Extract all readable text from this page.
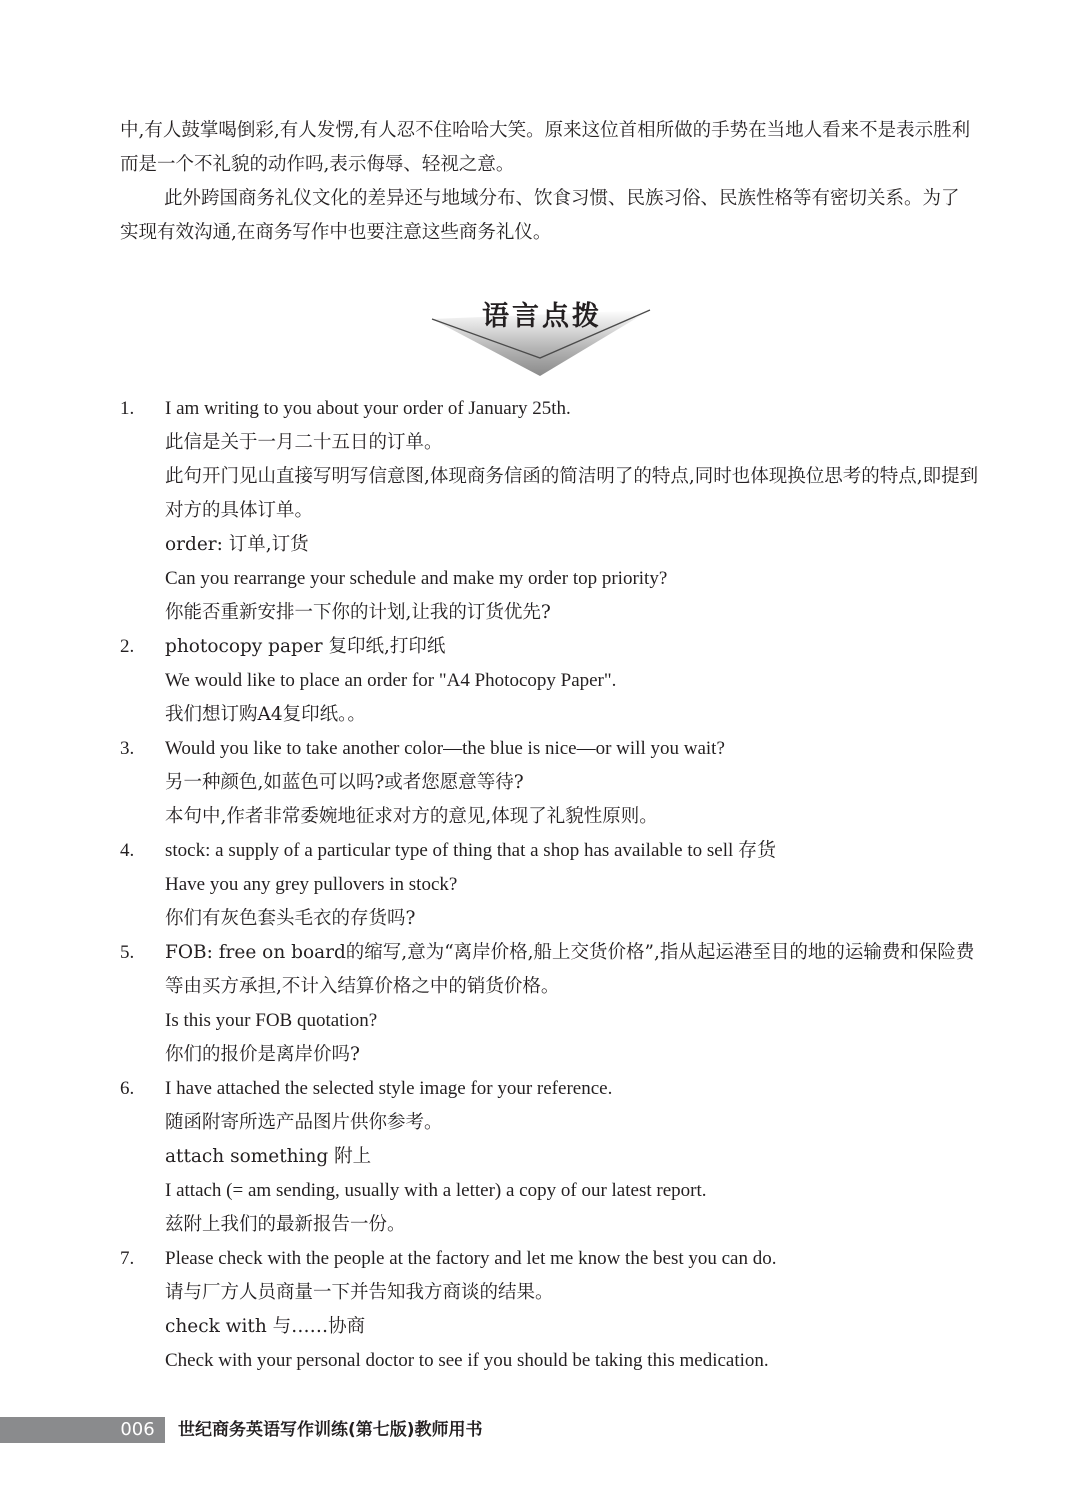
中,有人鼓掌喝倒彩,有人发愣,有人忍不住哈哈大笑。原来这位首相所做的手势在当地人看来不是表示胜利而是一个不礼貌的动作吗,表示侮辱、轻视之意。

此外跨国商务礼仪文化的差异还与地域分布、饮食习惯、民族习俗、民族性格等有密切关系。为了实现有效沟通,在商务写作中也要注意这些商务礼仪。

语言点拨
1. I am writing to you about your order of January 25th.
此信是关于一月二十五日的订单。
此句开门见山直接写明写信意图,体现商务信函的简洁明了的特点,同时也体现换位思考的特点,即提到对方的具体订单。
order: 订单,订货
Can you rearrange your schedule and make my order top priority?
你能否重新安排一下你的计划,让我的订货优先?
2. photocopy paper 复印纸,打印纸
We would like to place an order for "A4 Photocopy Paper".
我们想订购A4复印纸。。
3. Would you like to take another color—the blue is nice—or will you wait?
另一种颜色,如蓝色可以吗?或者您愿意等待?
本句中,作者非常委婉地征求对方的意见,体现了礼貌性原则。
4. stock: a supply of a particular type of thing that a shop has available to sell 存货
Have you any grey pullovers in stock?
你们有灰色套头毛衣的存货吗?
5. FOB: free on board的缩写,意为“离岸价格,船上交货价格”,指从起运港至目的地的运输费和保险费等由买方承担,不计入结算价格之中的销货价格。
Is this your FOB quotation?
你们的报价是离岸价吗?
6. I have attached the selected style image for your reference.
随函附寄所选产品图片供你参考。
attach something 附上
I attach (= am sending, usually with a letter) a copy of our latest report.
兹附上我们的最新报告一份。
7. Please check with the people at the factory and let me know the best you can do.
请与厂方人员商量一下并告知我方商谈的结果。
check with 与……协商
Check with your personal doctor to see if you should be taking this medication.
006	世纪商务英语写作训练(第七版)教师用书
